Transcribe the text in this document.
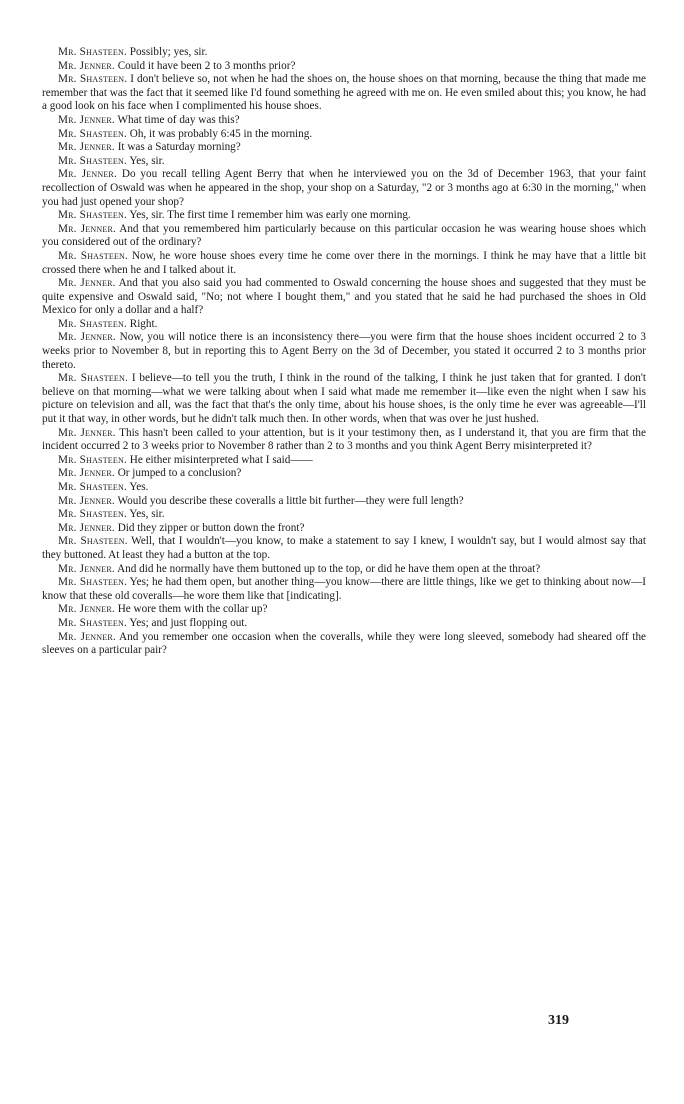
Mr. Shasteen. Possibly; yes, sir.

Mr. Jenner. Could it have been 2 to 3 months prior?

Mr. Shasteen. I don't believe so, not when he had the shoes on, the house shoes on that morning, because the thing that made me remember that was the fact that it seemed like I'd found something he agreed with me on. He even smiled about this; you know, he had a good look on his face when I complimented his house shoes.

Mr. Jenner. What time of day was this?

Mr. Shasteen. Oh, it was probably 6:45 in the morning.

Mr. Jenner. It was a Saturday morning?

Mr. Shasteen. Yes, sir.

Mr. Jenner. Do you recall telling Agent Berry that when he interviewed you on the 3d of December 1963, that your faint recollection of Oswald was when he appeared in the shop, your shop on a Saturday, "2 or 3 months ago at 6:30 in the morning," when you had just opened your shop?

Mr. Shasteen. Yes, sir. The first time I remember him was early one morning.

Mr. Jenner. And that you remembered him particularly because on this particular occasion he was wearing house shoes which you considered out of the ordinary?

Mr. Shasteen. Now, he wore house shoes every time he come over there in the mornings. I think he may have that a little bit crossed there when he and I talked about it.

Mr. Jenner. And that you also said you had commented to Oswald concerning the house shoes and suggested that they must be quite expensive and Oswald said, "No; not where I bought them," and you stated that he said he had purchased the shoes in Old Mexico for only a dollar and a half?

Mr. Shasteen. Right.

Mr. Jenner. Now, you will notice there is an inconsistency there—you were firm that the house shoes incident occurred 2 to 3 weeks prior to November 8, but in reporting this to Agent Berry on the 3d of December, you stated it occurred 2 to 3 months prior thereto.

Mr. Shasteen. I believe—to tell you the truth, I think in the round of the talking, I think he just taken that for granted. I don't believe on that morning—what we were talking about when I said what made me remember it—like even the night when I saw his picture on television and all, was the fact that that's the only time, about his house shoes, is the only time he ever was agreeable—I'll put it that way, in other words, but he didn't talk much then. In other words, when that was over he just hushed.

Mr. Jenner. This hasn't been called to your attention, but is it your testimony then, as I understand it, that you are firm that the incident occurred 2 to 3 weeks prior to November 8 rather than 2 to 3 months and you think Agent Berry misinterpreted it?

Mr. Shasteen. He either misinterpreted what I said——

Mr. Jenner. Or jumped to a conclusion?

Mr. Shasteen. Yes.

Mr. Jenner. Would you describe these coveralls a little bit further—they were full length?

Mr. Shasteen. Yes, sir.

Mr. Jenner. Did they zipper or button down the front?

Mr. Shasteen. Well, that I wouldn't—you know, to make a statement to say I knew, I wouldn't say, but I would almost say that they buttoned. At least they had a button at the top.

Mr. Jenner. And did he normally have them buttoned up to the top, or did he have them open at the throat?

Mr. Shasteen. Yes; he had them open, but another thing—you know—there are little things, like we get to thinking about now—I know that these old coveralls—he wore them like that [indicating].

Mr. Jenner. He wore them with the collar up?

Mr. Shasteen. Yes; and just flopping out.

Mr. Jenner. And you remember one occasion when the coveralls, while they were long sleeved, somebody had sheared off the sleeves on a particular pair?

319
